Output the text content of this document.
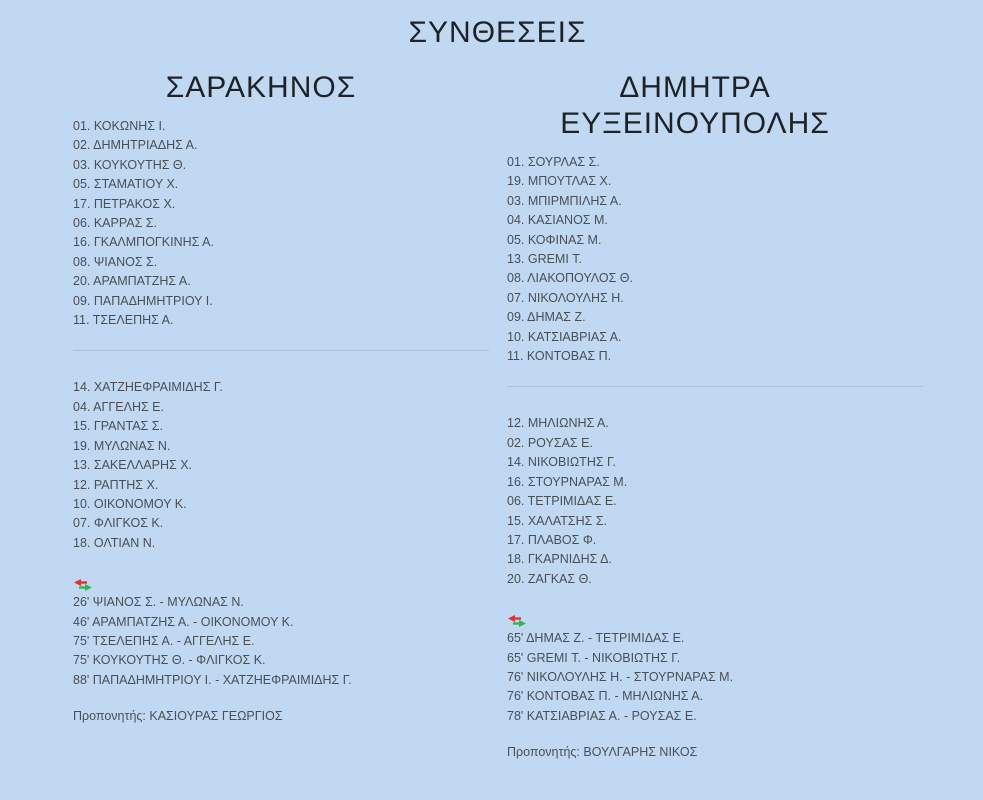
ΣΥΝΘΕΣΕΙΣ
ΣΑΡΑΚΗΝΟΣ
01. ΚΟΚΩΝΗΣ Ι.
02. ΔΗΜΗΤΡΙΑΔΗΣ Α.
03. ΚΟΥΚΟΥΤΗΣ Θ.
05. ΣΤΑΜΑΤΙΟΥ Χ.
17. ΠΕΤΡΑΚΟΣ Χ.
06. ΚΑΡΡΑΣ Σ.
16. ΓΚΑΛΜΠΟΓΚΙΝΗΣ Α.
08. ΨΙΑΝΟΣ Σ.
20. ΑΡΑΜΠΑΤΖΗΣ Α.
09. ΠΑΠΑΔΗΜΗΤΡΙΟΥ Ι.
11. ΤΣΕΛΕΠΗΣ Α.
14. ΧΑΤΖΗΕΦΡΑΙΜΙΔΗΣ Γ.
04. ΑΓΓΕΛΗΣ Ε.
15. ΓΡΑΝΤΑΣ Σ.
19. ΜΥΛΩΝΑΣ Ν.
13. ΣΑΚΕΛΛΑΡΗΣ Χ.
12. ΡΑΠΤΗΣ Χ.
10. ΟΙΚΟΝΟΜΟΥ Κ.
07. ΦΛΙΓΚΟΣ Κ.
18. ΟΛΤΙΑΝ Ν.
26' ΨΙΑΝΟΣ Σ. - ΜΥΛΩΝΑΣ Ν.
46' ΑΡΑΜΠΑΤΖΗΣ Α. - ΟΙΚΟΝΟΜΟΥ Κ.
75' ΤΣΕΛΕΠΗΣ Α. - ΑΓΓΕΛΗΣ Ε.
75' ΚΟΥΚΟΥΤΗΣ Θ. - ΦΛΙΓΚΟΣ Κ.
88' ΠΑΠΑΔΗΜΗΤΡΙΟΥ Ι. - ΧΑΤΖΗΕΦΡΑΙΜΙΔΗΣ Γ.
Προπονητής: ΚΑΣΙΟΥΡΑΣ ΓΕΩΡΓΙΟΣ
ΔΗΜΗΤΡΑ
ΕΥΞΕΙΝΟΥΠΟΛΗΣ
01. ΣΟΥΡΛΑΣ Σ.
19. ΜΠΟΥΤΛΑΣ Χ.
03. ΜΠΙΡΜΠΙΛΗΣ Α.
04. ΚΑΣΙΑΝΟΣ Μ.
05. ΚΟΦΙΝΑΣ Μ.
13. GREMI Τ.
08. ΛΙΑΚΟΠΟΥΛΟΣ Θ.
07. ΝΙΚΟΛΟΥΛΗΣ Η.
09. ΔΗΜΑΣ Ζ.
10. ΚΑΤΣΙΑΒΡΙΑΣ Α.
11. ΚΟΝΤΟΒΑΣ Π.
12. ΜΗΛΙΩΝΗΣ Α.
02. ΡΟΥΣΑΣ Ε.
14. ΝΙΚΟΒΙΩΤΗΣ Γ.
16. ΣΤΟΥΡΝΑΡΑΣ Μ.
06. ΤΕΤΡΙΜΙΔΑΣ Ε.
15. ΧΑΛΑΤΣΗΣ Σ.
17. ΠΛΑΒΟΣ Φ.
18. ΓΚΑΡΝΙΔΗΣ Δ.
20. ΖΑΓΚΑΣ Θ.
65' ΔΗΜΑΣ Ζ. - ΤΕΤΡΙΜΙΔΑΣ Ε.
65' GREMI Τ. - ΝΙΚΟΒΙΩΤΗΣ Γ.
76' ΝΙΚΟΛΟΥΛΗΣ Η. - ΣΤΟΥΡΝΑΡΑΣ Μ.
76' ΚΟΝΤΟΒΑΣ Π. - ΜΗΛΙΩΝΗΣ Α.
78' ΚΑΤΣΙΑΒΡΙΑΣ Α. - ΡΟΥΣΑΣ Ε.
Προπονητής: ΒΟΥΛΓΑΡΗΣ ΝΙΚΟΣ
